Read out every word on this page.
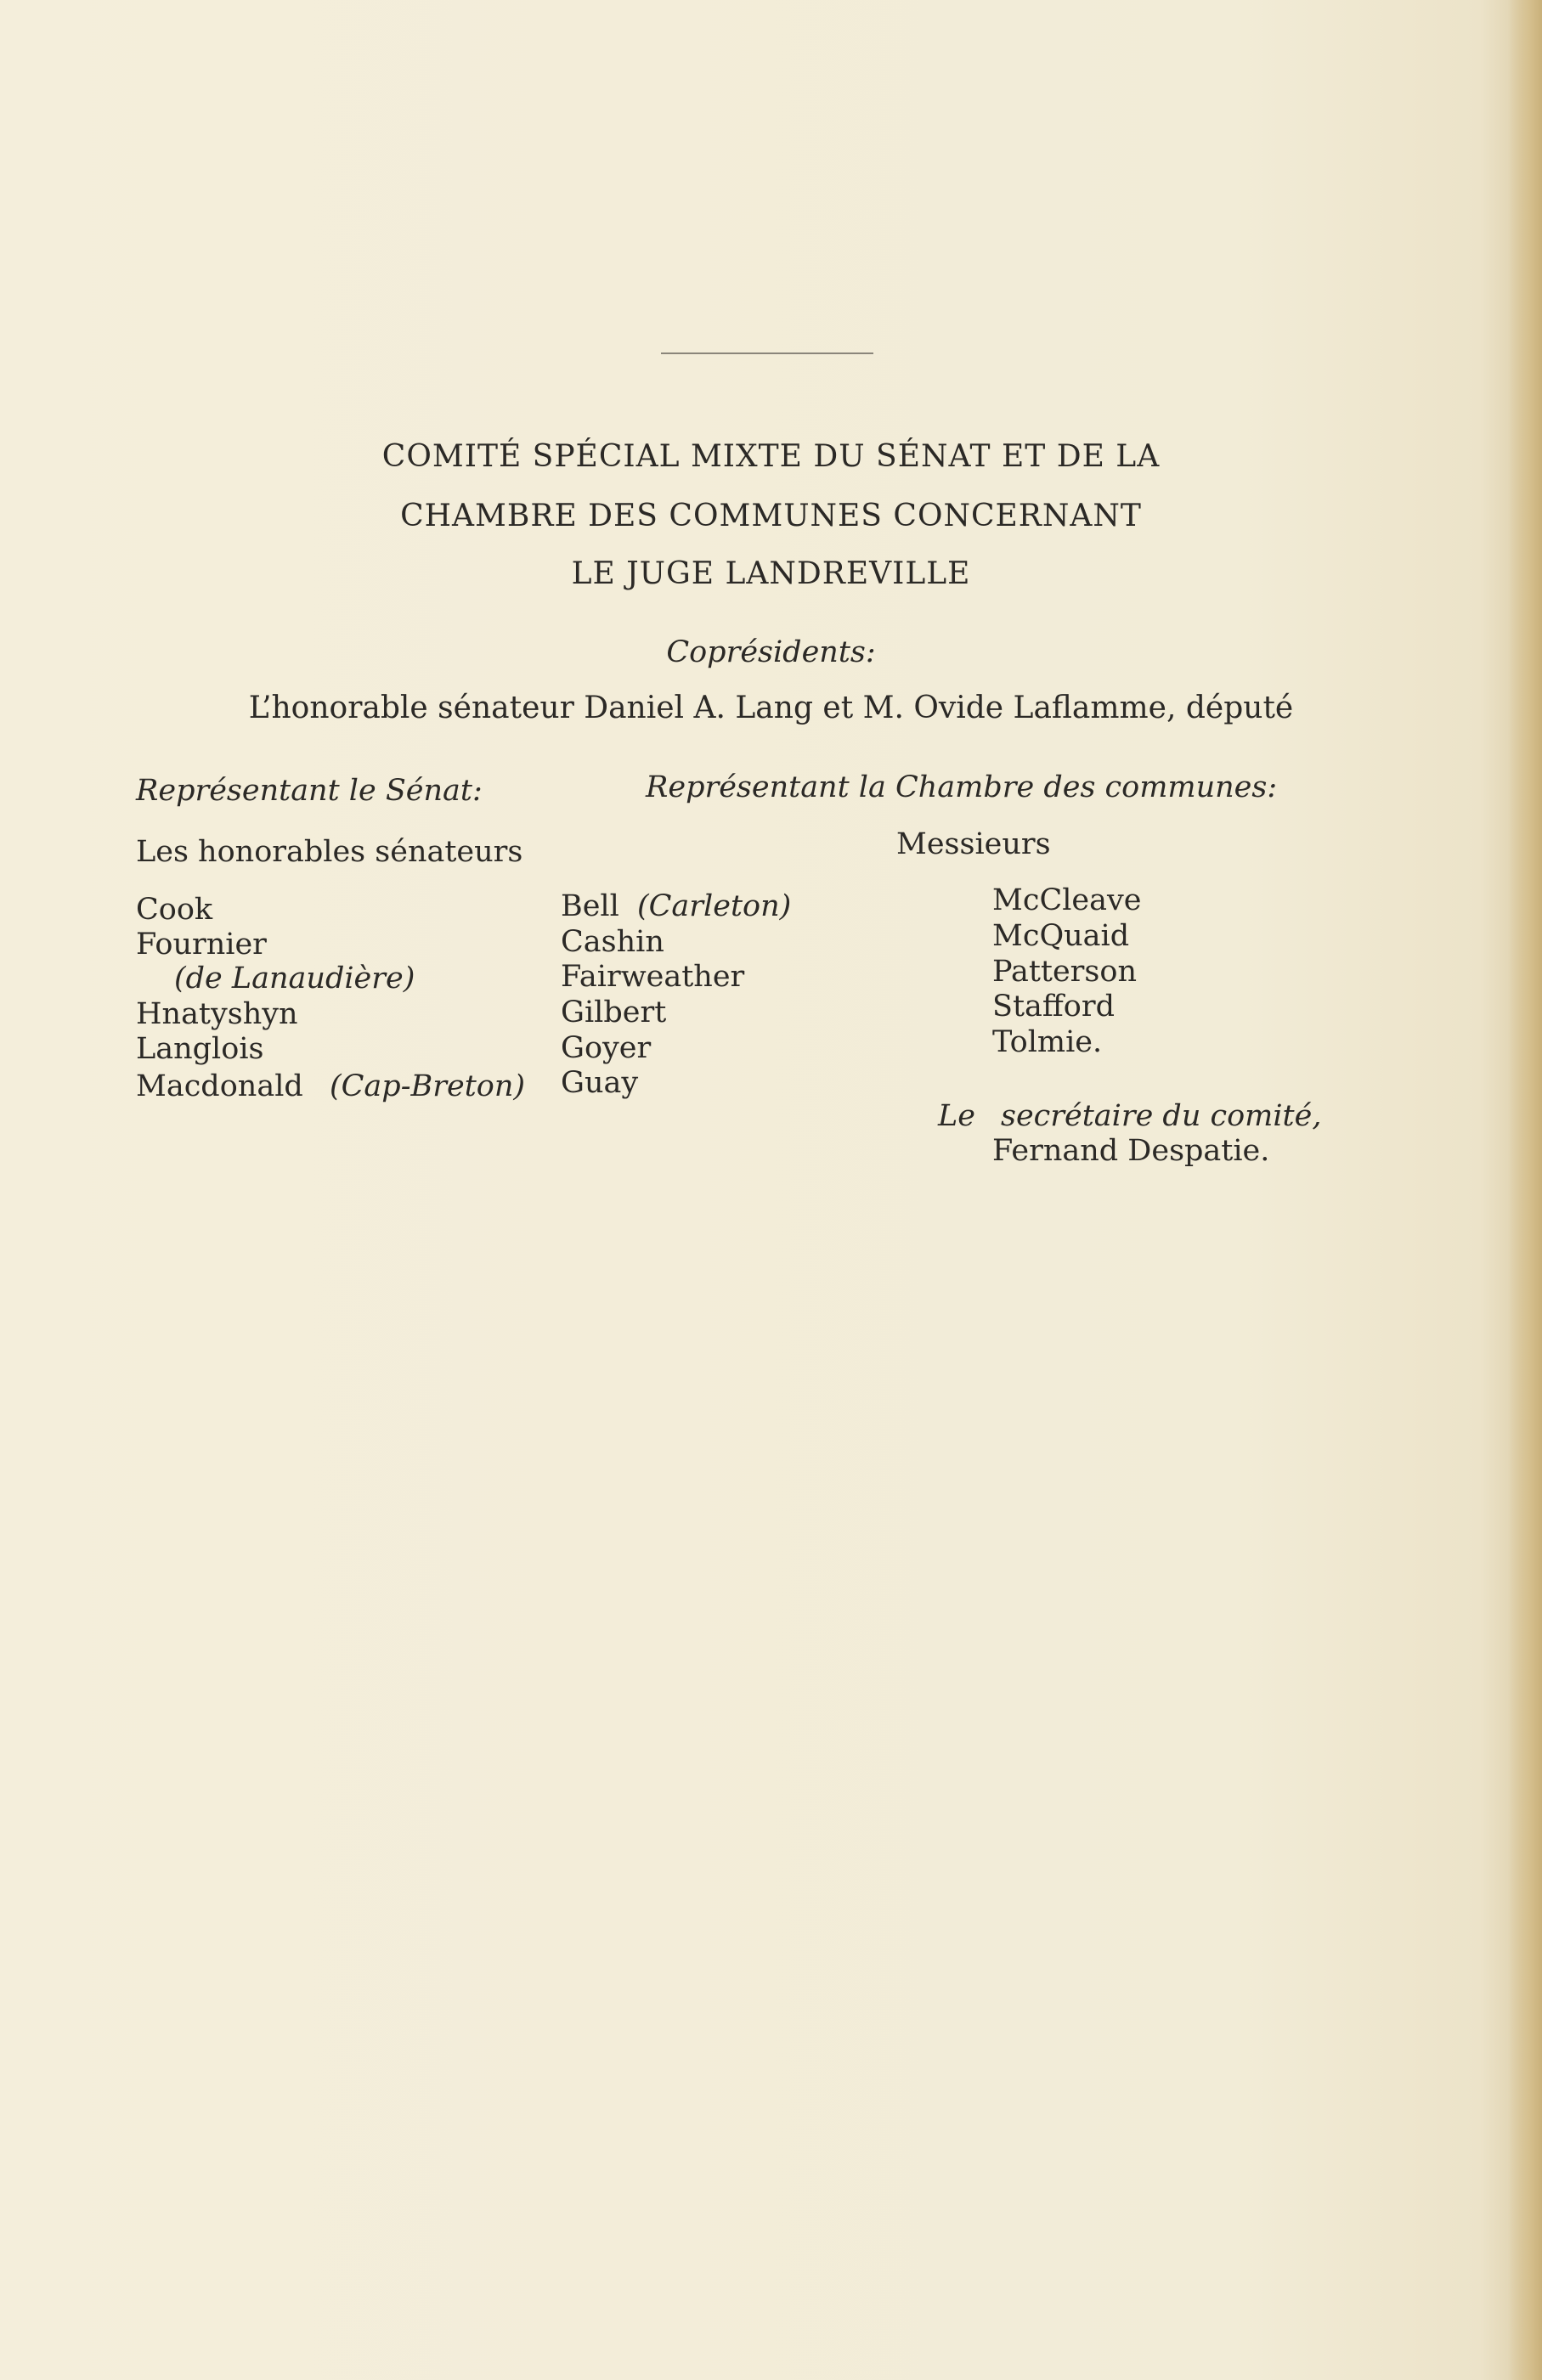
COMITÉ SPÉCIAL MIXTE DU SÉNAT ET DE LA
CHAMBRE DES COMMUNES CONCERNANT
LE JUGE LANDREVILLE
Coprésidents:
L’honorable sénateur Daniel A. Lang et M. Ovide Laflamme, député
Représentant le Sénat:	Représentant la Chambre des communes:
Les honorables sénateurs	Messieurs
Cook
Fournier
(de Lanaudière)
Hnatyshyn
Langlois
Macdonald (Cap-Breton)
Bell (Carleton)
Cashin
Fairweather
Gilbert
Goyer
Guay
McCleave
McQuaid
Patterson
Stafford
Tolmie.
Le secrétaire du comité,
Fernand Despatie.
